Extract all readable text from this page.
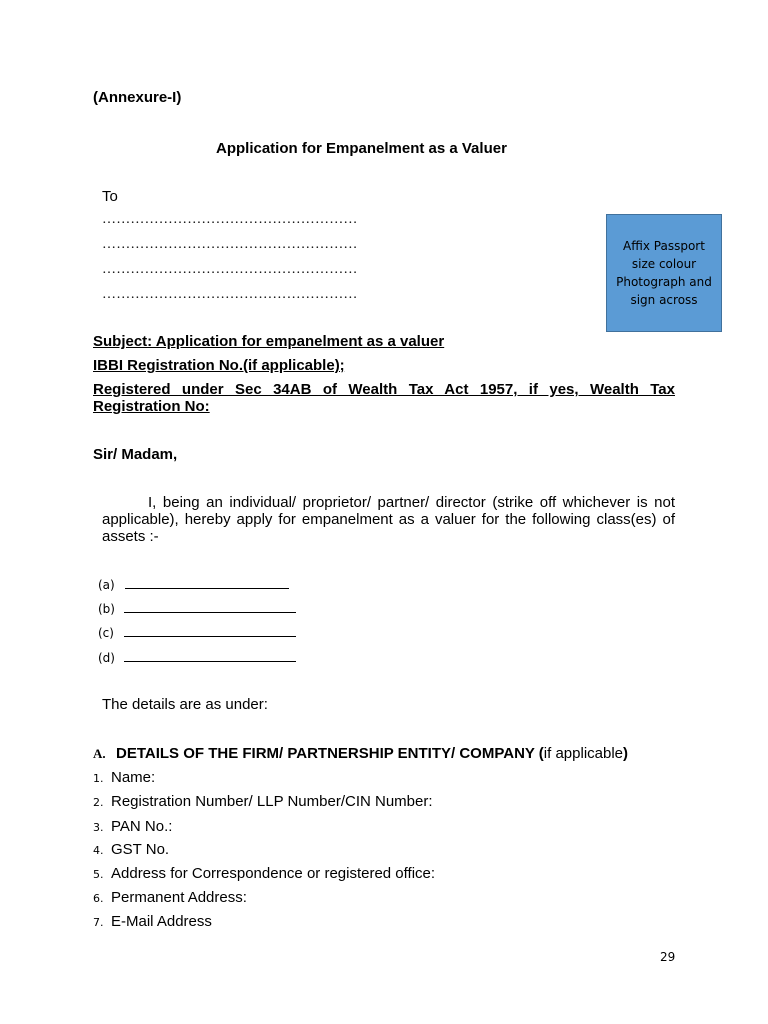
(Annexure-I)
Application for Empanelment as a Valuer
To
………………………………………………
………………………………………………
………………………………………………
………………………………………………
Affix Passport size colour Photograph and sign across
Subject: Application for empanelment as a valuer
IBBI Registration No.(if applicable);
Registered under Sec 34AB of Wealth Tax Act 1957, if yes, Wealth Tax
Registration No:
Sir/ Madam,
I, being an individual/ proprietor/ partner/ director (strike off whichever is not
applicable), hereby apply for empanelment as a valuer for the following class(es) of
assets :-
(a)
(b)
(c)
(d)
The details are as under:
A. DETAILS OF THE FIRM/ PARTNERSHIP ENTITY/ COMPANY (if applicable)
1. Name:
2. Registration Number/ LLP Number/CIN Number:
3. PAN No.:
4. GST No.
5. Address for Correspondence or registered office:
6. Permanent Address:
7. E-Mail Address
29
